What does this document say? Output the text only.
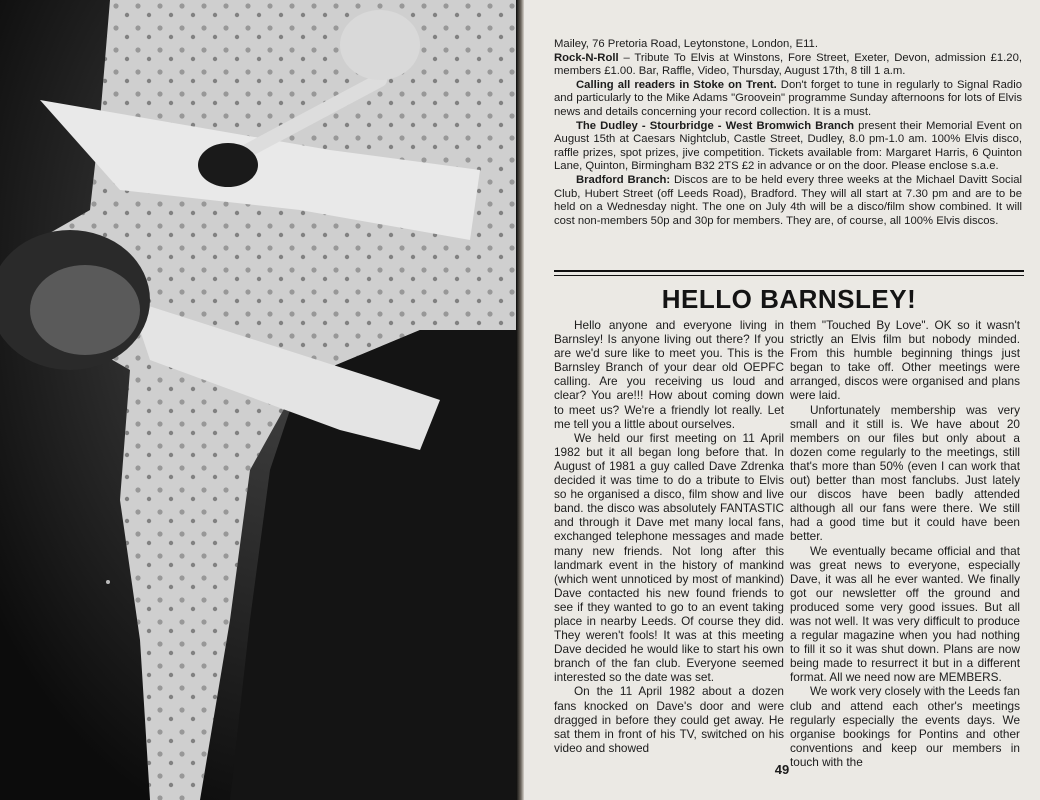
Mailey, 76 Pretoria Road, Leytonstone, London, E11.

Rock-N-Roll – Tribute To Elvis at Winstons, Fore Street, Exeter, Devon, admission £1.20, members £1.00. Bar, Raffle, Video, Thursday, August 17th, 8 till 1 a.m.

Calling all readers in Stoke on Trent. Don't forget to tune in regularly to Signal Radio and particularly to the Mike Adams "Groovein" programme Sunday afternoons for lots of Elvis news and details concerning your record collection. It is a must.

The Dudley - Stourbridge - West Bromwich Branch present their Memorial Event on August 15th at Caesars Nightclub, Castle Street, Dudley, 8.0 pm-1.0 am. 100% Elvis disco, raffle prizes, spot prizes, jive competition. Tickets available from: Margaret Harris, 6 Quinton Lane, Quinton, Birmingham B32 2TS £2 in advance or on the door. Please enclose s.a.e.

Bradford Branch: Discos are to be held every three weeks at the Michael Davitt Social Club, Hubert Street (off Leeds Road), Bradford. They will all start at 7.30 pm and are to be held on a Wednesday night. The one on July 4th will be a disco/film show combined. It will cost non-members 50p and 30p for members. They are, of course, all 100% Elvis discos.

HELLO BARNSLEY!

Hello anyone and everyone living in Barnsley! Is anyone living out there? If you are we'd sure like to meet you. This is the Barnsley Branch of your dear old OEPFC calling. Are you receiving us loud and clear? You are!!! How about coming down to meet us? We're a friendly lot really. Let me tell you a little about ourselves.

We held our first meeting on 11 April 1982 but it all began long before that. In August of 1981 a guy called Dave Zdrenka decided it was time to do a tribute to Elvis so he organised a disco, film show and live band. the disco was absolutely FANTASTIC and through it Dave met many local fans, exchanged telephone messages and made many new friends. Not long after this landmark event in the history of mankind (which went unnoticed by most of mankind) Dave contacted his new found friends to see if they wanted to go to an event taking place in nearby Leeds. Of course they did. They weren't fools! It was at this meeting Dave decided he would like to start his own branch of the fan club. Everyone seemed interested so the date was set.

On the 11 April 1982 about a dozen fans knocked on Dave's door and were dragged in before they could get away. He sat them in front of his TV, switched on his video and showed

them "Touched By Love". OK so it wasn't strictly an Elvis film but nobody minded. From this humble beginning things just began to take off. Other meetings were arranged, discos were organised and plans were laid.

Unfortunately membership was very small and it still is. We have about 20 members on our files but only about a dozen come regularly to the meetings, still that's more than 50% (even I can work that out) better than most fanclubs. Just lately our discos have been badly attended although all our fans were there. We still had a good time but it could have been better.

We eventually became official and that was great news to everyone, especially Dave, it was all he ever wanted. We finally got our newsletter off the ground and produced some very good issues. But all was not well. It was very difficult to produce a regular magazine when you had nothing to fill it so it was shut down. Plans are now being made to resurrect it but in a different format. All we need now are MEMBERS.

We work very closely with the Leeds fan club and attend each other's meetings regularly especially the events days. We organise bookings for Pontins and other conventions and keep our members in touch with the

49
